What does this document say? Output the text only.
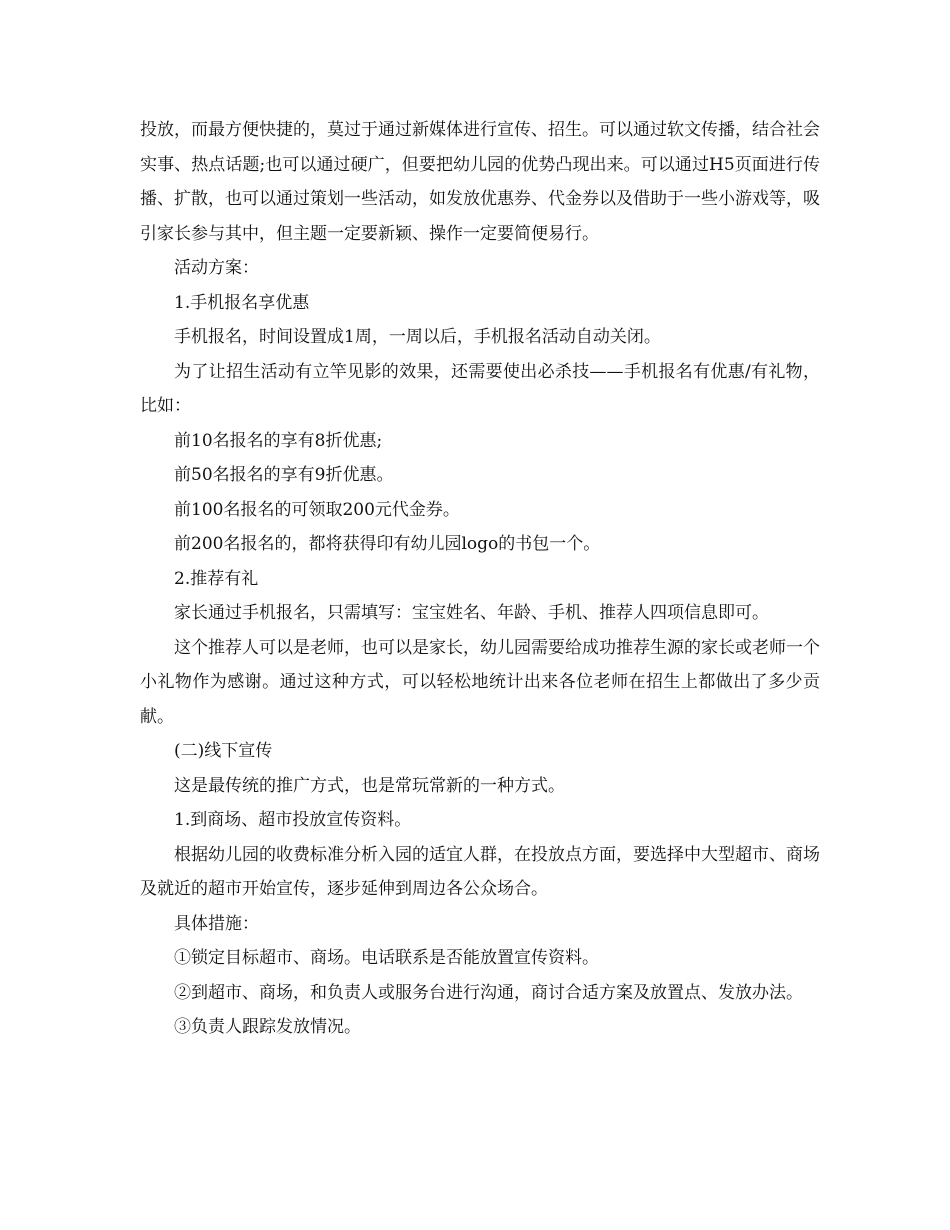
投放，而最方便快捷的，莫过于通过新媒体进行宣传、招生。可以通过软文传播，结合社会实事、热点话题;也可以通过硬广，但要把幼儿园的优势凸现出来。可以通过H5页面进行传播、扩散，也可以通过策划一些活动，如发放优惠券、代金券以及借助于一些小游戏等，吸引家长参与其中，但主题一定要新颖、操作一定要简便易行。

活动方案：

1.手机报名享优惠

手机报名，时间设置成1周，一周以后，手机报名活动自动关闭。

为了让招生活动有立竿见影的效果，还需要使出必杀技——手机报名有优惠/有礼物，比如：

前10名报名的享有8折优惠;

前50名报名的享有9折优惠。

前100名报名的可领取200元代金券。

前200名报名的，都将获得印有幼儿园logo的书包一个。

2.推荐有礼

家长通过手机报名，只需填写：宝宝姓名、年龄、手机、推荐人四项信息即可。

这个推荐人可以是老师，也可以是家长，幼儿园需要给成功推荐生源的家长或老师一个小礼物作为感谢。通过这种方式，可以轻松地统计出来各位老师在招生上都做出了多少贡献。

(二)线下宣传

这是最传统的推广方式，也是常玩常新的一种方式。

1.到商场、超市投放宣传资料。

根据幼儿园的收费标准分析入园的适宜人群，在投放点方面，要选择中大型超市、商场及就近的超市开始宣传，逐步延伸到周边各公众场合。

具体措施：

①锁定目标超市、商场。电话联系是否能放置宣传资料。

②到超市、商场，和负责人或服务台进行沟通，商讨合适方案及放置点、发放办法。

③负责人跟踪发放情况。
